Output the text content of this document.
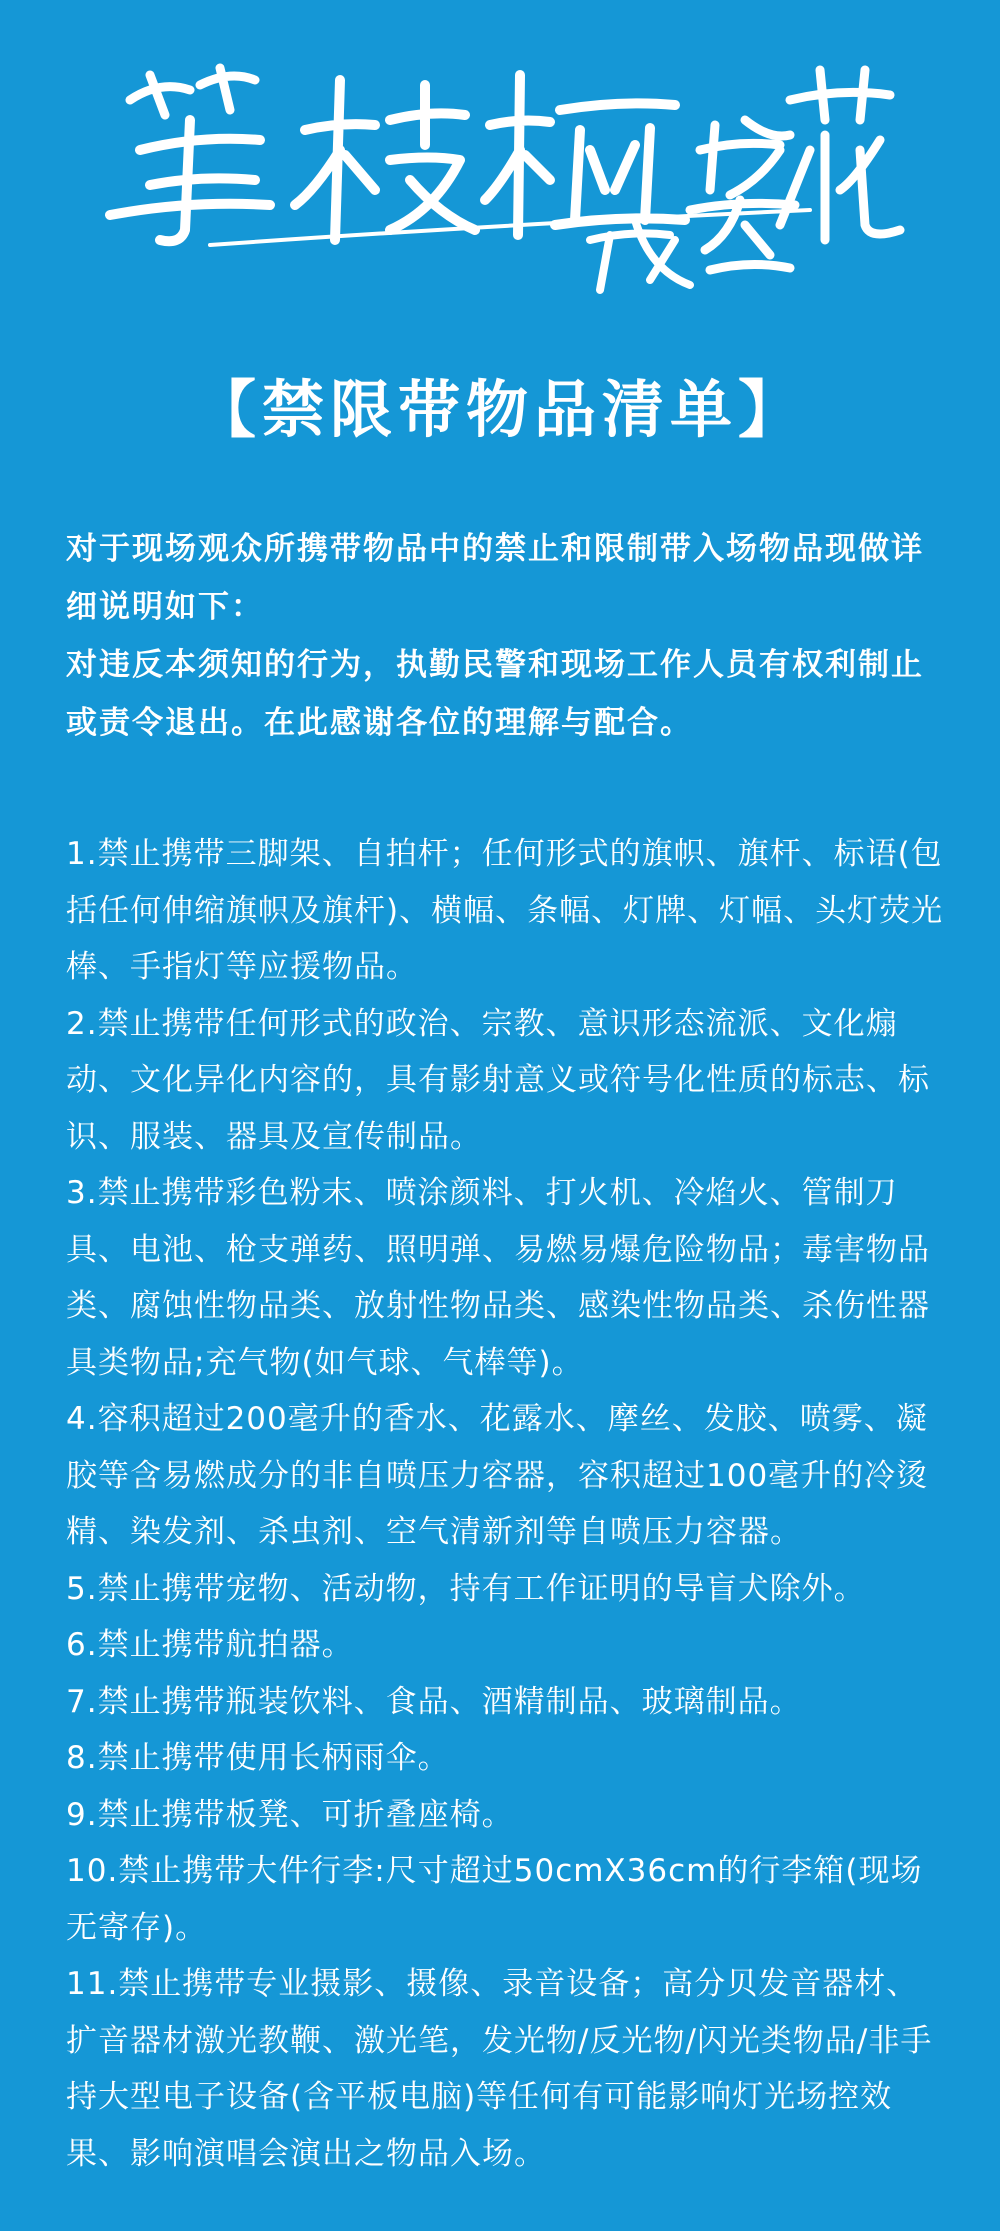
【禁限带物品清单】

对于现场观众所携带物品中的禁止和限制带入场物品现做详细说明如下：

对违反本须知的行为，执勤民警和现场工作人员有权利制止或责令退出。在此感谢各位的理解与配合。

1.禁止携带三脚架、自拍杆；任何形式的旗帜、旗杆、标语(包括任何伸缩旗帜及旗杆)、横幅、条幅、灯牌、灯幅、头灯荧光棒、手指灯等应援物品。

2.禁止携带任何形式的政治、宗教、意识形态流派、文化煽动、文化异化内容的，具有影射意义或符号化性质的标志、标识、服装、器具及宣传制品。

3.禁止携带彩色粉末、喷涂颜料、打火机、冷焰火、管制刀具、电池、枪支弹药、照明弹、易燃易爆危险物品；毒害物品类、腐蚀性物品类、放射性物品类、感染性物品类、杀伤性器具类物品;充气物(如气球、气棒等)。

4.容积超过200毫升的香水、花露水、摩丝、发胶、喷雾、凝胶等含易燃成分的非自喷压力容器，容积超过100毫升的冷烫精、染发剂、杀虫剂、空气清新剂等自喷压力容器。

5.禁止携带宠物、活动物，持有工作证明的导盲犬除外。

6.禁止携带航拍器。

7.禁止携带瓶装饮料、食品、酒精制品、玻璃制品。

8.禁止携带使用长柄雨伞。

9.禁止携带板凳、可折叠座椅。

10.禁止携带大件行李:尺寸超过50cmX36cm的行李箱(现场无寄存)。

11.禁止携带专业摄影、摄像、录音设备；高分贝发音器材、扩音器材激光教鞭、激光笔，发光物/反光物/闪光类物品/非手持大型电子设备(含平板电脑)等任何有可能影响灯光场控效果、影响演唱会演出之物品入场。
